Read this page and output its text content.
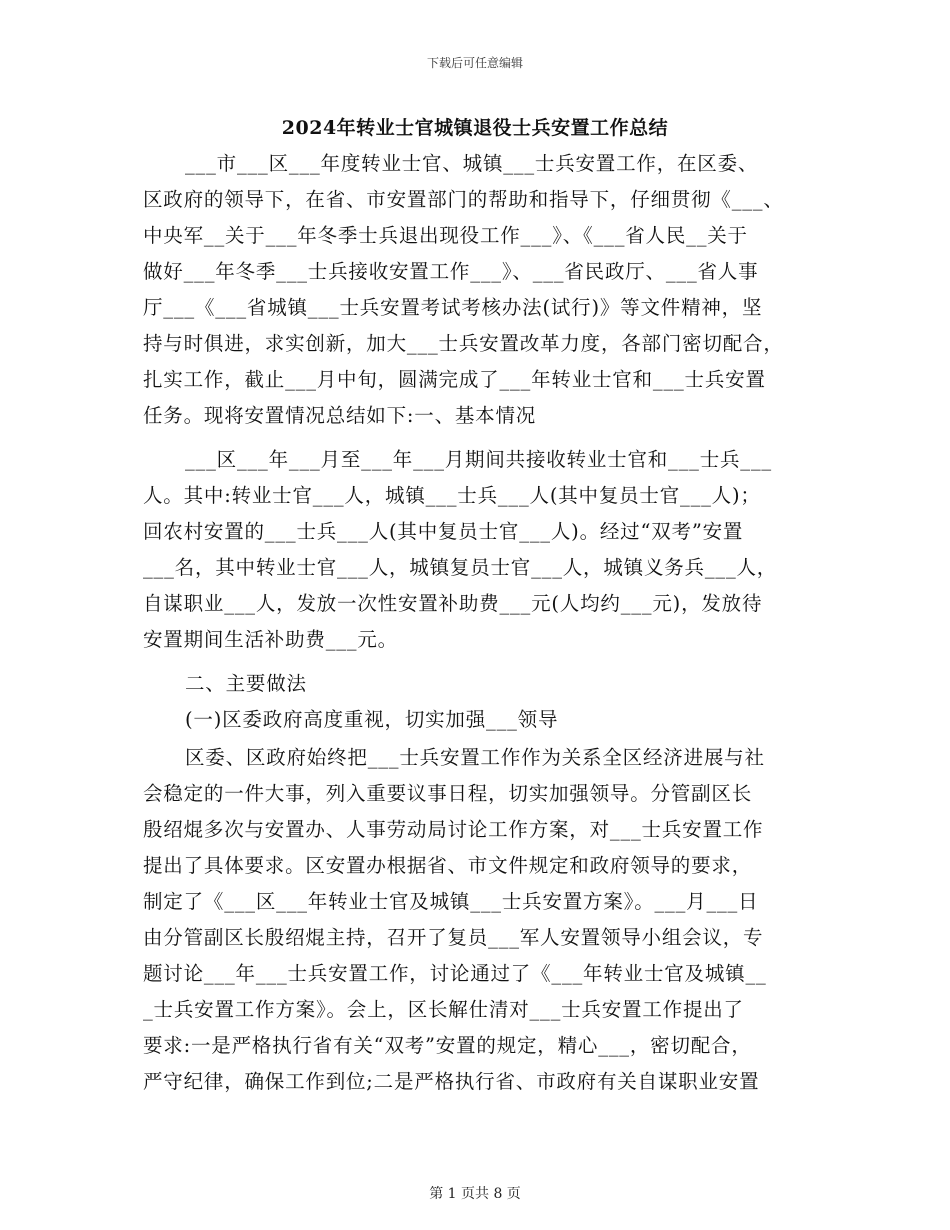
下载后可任意编辑
2024年转业士官城镇退役士兵安置工作总结
___市___区___年度转业士官、城镇___士兵安置工作，在区委、
区政府的领导下，在省、市安置部门的帮助和指导下，仔细贯彻《___、
中央军__关于___年冬季士兵退出现役工作___》、《___省人民__关于
做好___年冬季___士兵接收安置工作___》、___省民政厅、___省人事
厅___《___省城镇___士兵安置考试考核办法(试行)》等文件精神，坚
持与时俱进，求实创新，加大___士兵安置改革力度，各部门密切配合，
扎实工作，截止___月中旬，圆满完成了___年转业士官和___士兵安置
任务。现将安置情况总结如下:一、基本情况
___区___年___月至___年___月期间共接收转业士官和___士兵___
人。其中:转业士官___人，城镇___士兵___人(其中复员士官___人)；
回农村安置的___士兵___人(其中复员士官___人)。经过“双考”安置
___名，其中转业士官___人，城镇复员士官___人，城镇义务兵___人，
自谋职业___人，发放一次性安置补助费___元(人均约___元)，发放待
安置期间生活补助费___元。
二、主要做法
(一)区委政府高度重视，切实加强___领导
区委、区政府始终把___士兵安置工作作为关系全区经济进展与社
会稳定的一件大事，列入重要议事日程，切实加强领导。分管副区长
殷绍焜多次与安置办、人事劳动局讨论工作方案，对___士兵安置工作
提出了具体要求。区安置办根据省、市文件规定和政府领导的要求，
制定了《___区___年转业士官及城镇___士兵安置方案》。___月___日
由分管副区长殷绍焜主持，召开了复员___军人安置领导小组会议，专
题讨论___年___士兵安置工作，讨论通过了《___年转业士官及城镇__
_士兵安置工作方案》。会上，区长解仕清对___士兵安置工作提出了
要求:一是严格执行省有关“双考”安置的规定，精心___，密切配合，
严守纪律，确保工作到位;二是严格执行省、市政府有关自谋职业安置
第 1 页共 8 页
